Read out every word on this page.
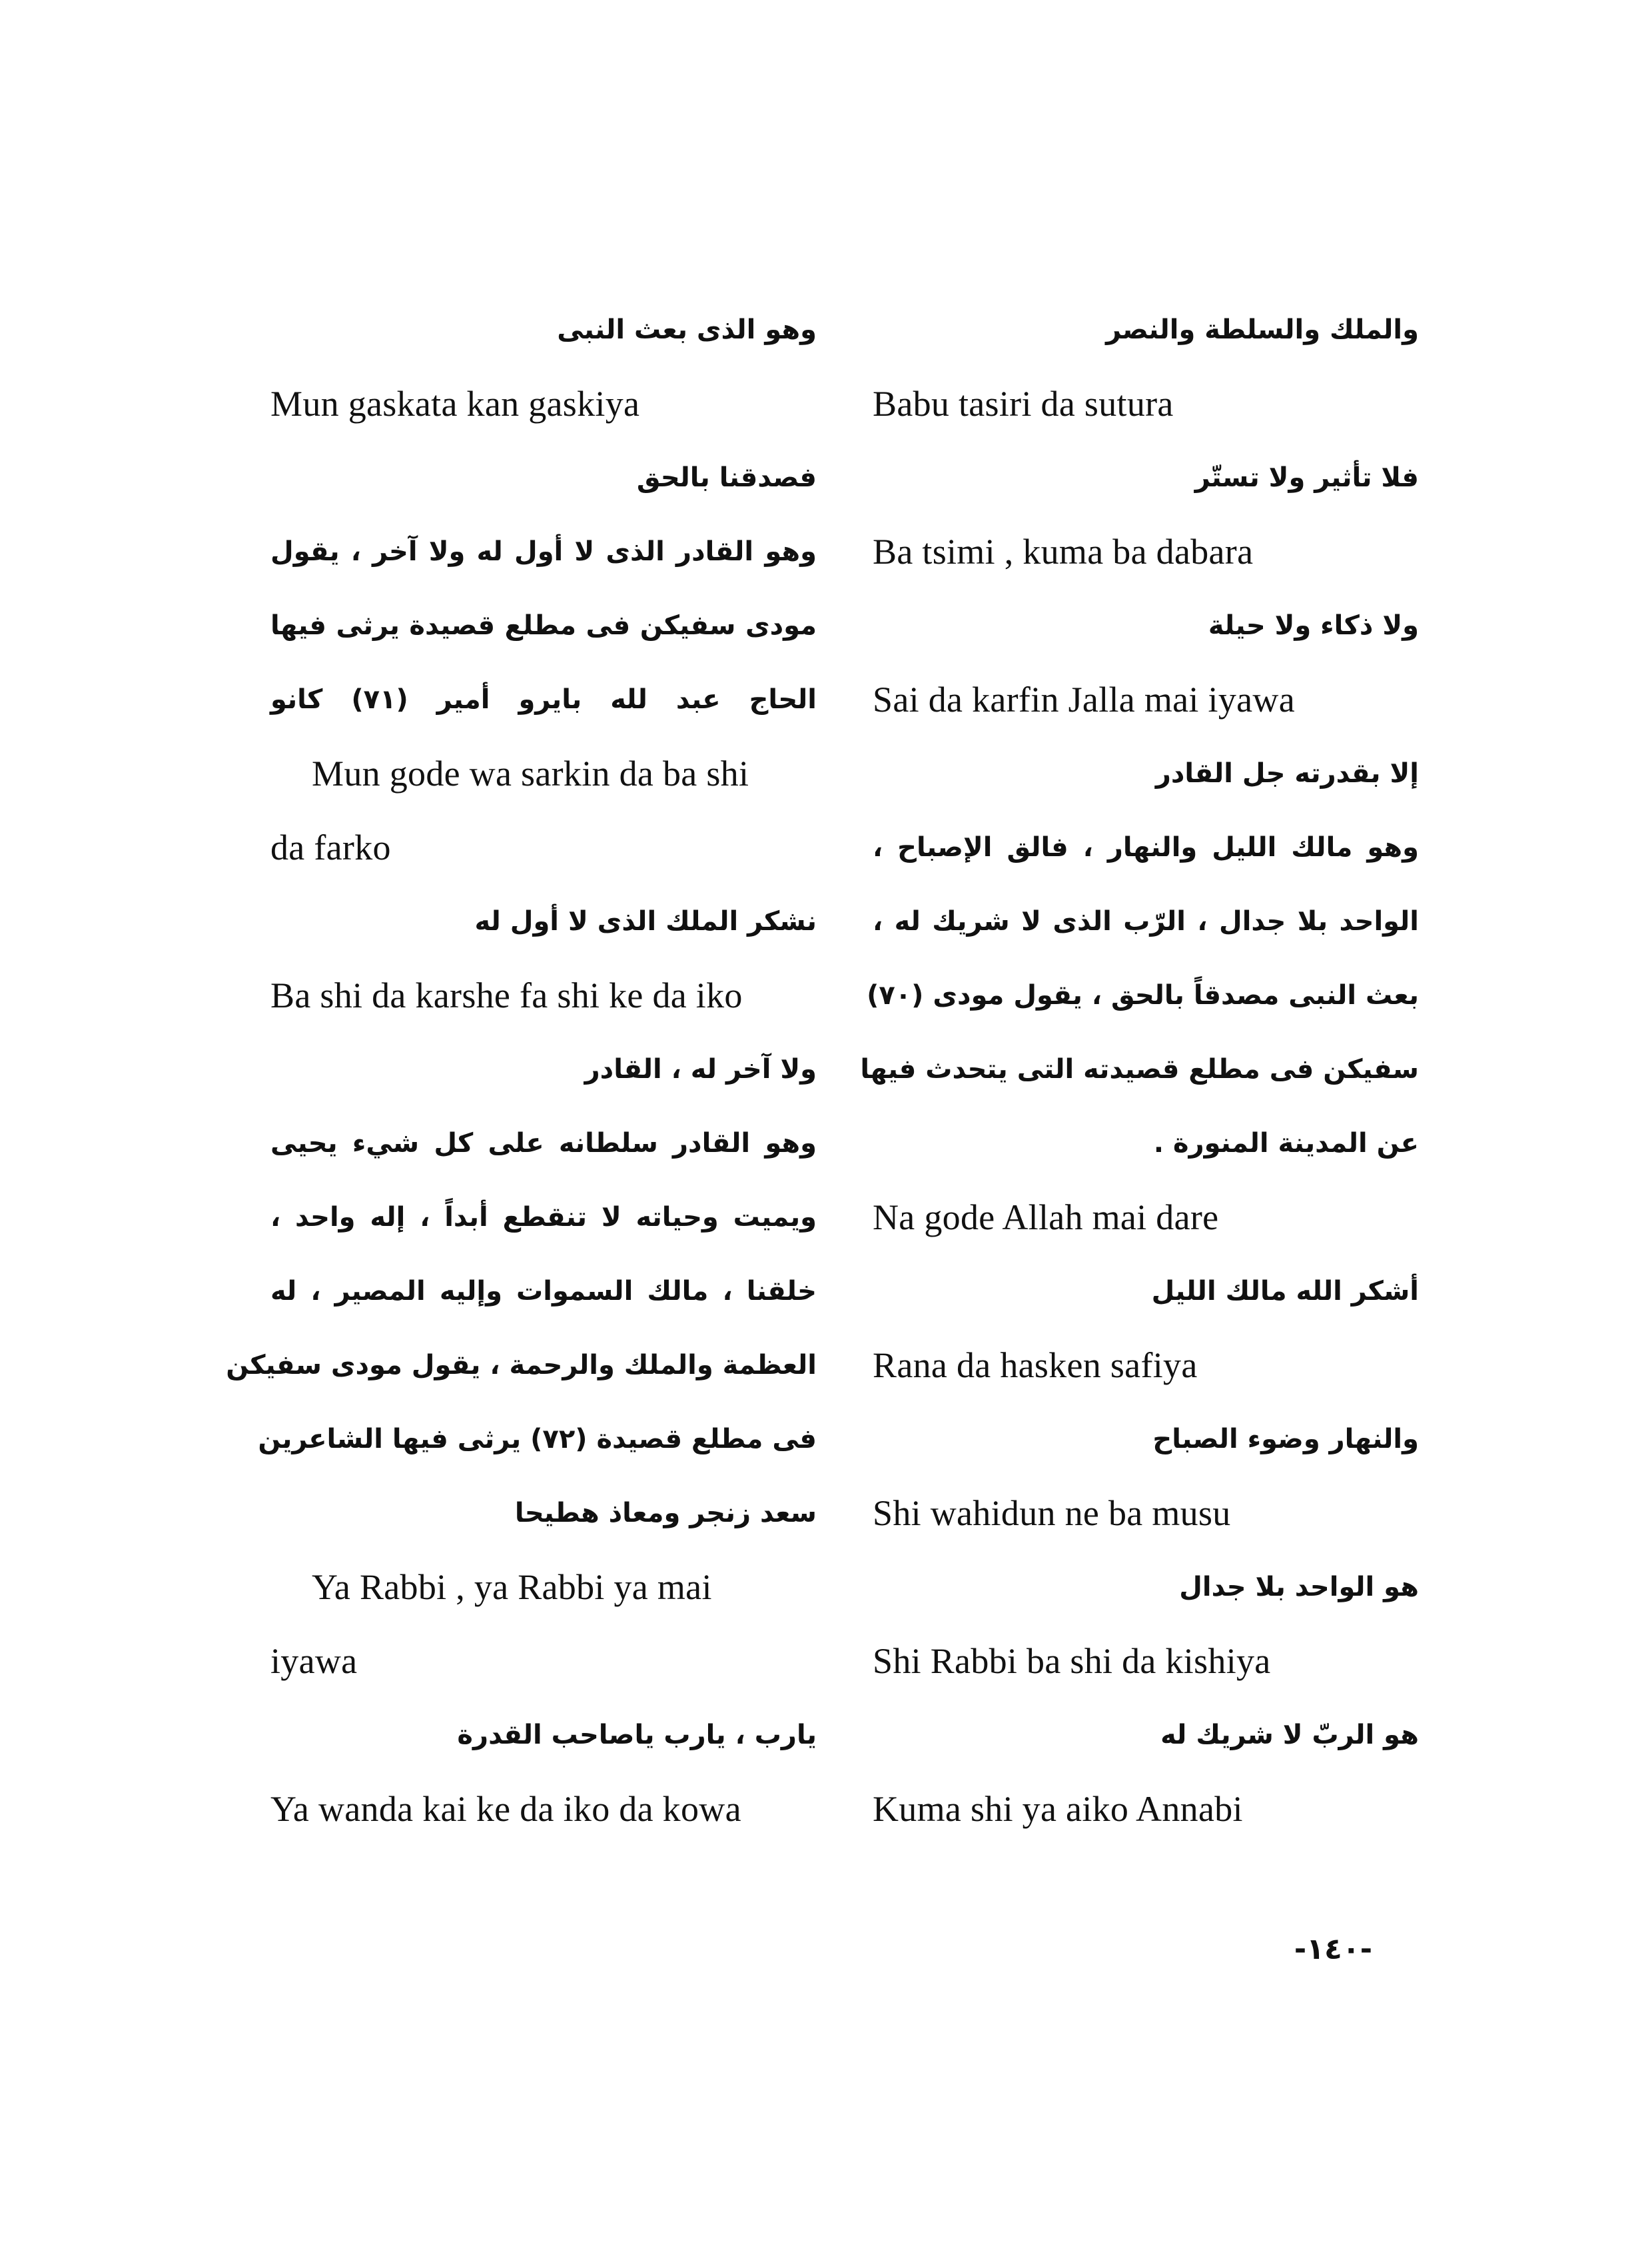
وهو الذى بعث النبى
Mun gaskata kan gaskiya
فصدقنا بالحق
وهو القادر الذى لا أول له ولا آخر ، يقول
مودى سفيكن فى مطلع قصيدة يرثى فيها
الحاج عبد لله بايرو أمير (٧١) كانو
Mun gode wa sarkin da ba shi
da farko
نشكر الملك الذى لا أول له
Ba shi da karshe fa shi ke da iko
ولا آخر له ، القادر
وهو القادر سلطانه على كل شيء يحيى
ويميت وحياته لا تنقطع أبداً ، إله واحد ،
خلقنا ، مالك السموات وإليه المصير ، له
العظمة والملك والرحمة ، يقول مودى سفيكن
فى مطلع قصيدة (٧٢) يرثى فيها الشاعرين
سعد زنجر ومعاذ هطيحا
Ya Rabbi , ya Rabbi ya mai
iyawa
يارب ، يارب ياصاحب القدرة
Ya wanda kai ke da iko da kowa
والملك والسلطة والنصر
Babu tasiri da sutura
فلا تأثير ولا تستّر
Ba tsimi , kuma ba dabara
ولا ذكاء ولا حيلة
Sai da karfin Jalla mai iyawa
إلا بقدرته جل القادر
وهو مالك الليل والنهار ، فالق الإصباح ،
الواحد بلا جدال ، الرّب الذى لا شريك له ،
بعث النبى مصدقاً بالحق ، يقول مودى (٧٠)
سفيكن فى مطلع قصيدته التى يتحدث فيها
عن المدينة المنورة .
Na gode Allah mai dare
أشكر الله مالك الليل
Rana da hasken safiya
والنهار وضوء الصباح
Shi wahidun ne ba musu
هو الواحد بلا جدال
Shi Rabbi ba shi da kishiya
هو الربّ لا شريك له
Kuma shi ya aiko Annabi
-١٤٠-
